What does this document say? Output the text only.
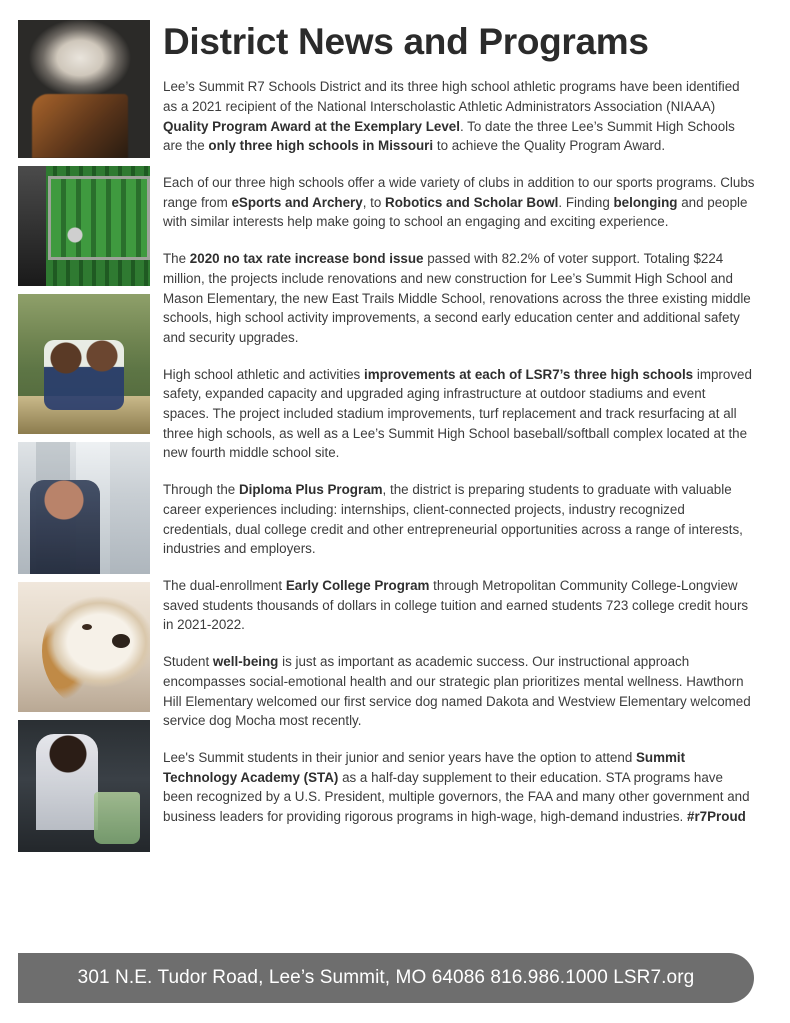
District News and Programs

Lee’s Summit R7 Schools District and its three high school athletic programs have been identified as a 2021 recipient of the National Interscholastic Athletic Administrators Association (NIAAA) Quality Program Award at the Exemplary Level. To date the three Lee’s Summit High Schools are the only three high schools in Missouri to achieve the Quality Program Award.

Each of our three high schools offer a wide variety of clubs in addition to our sports programs. Clubs range from eSports and Archery, to Robotics and Scholar Bowl. Finding belonging and people with similar interests help make going to school an engaging and exciting experience.

The 2020 no tax rate increase bond issue passed with 82.2% of voter support. Totaling $224 million, the projects include renovations and new construction for Lee’s Summit High School and Mason Elementary, the new East Trails Middle School, renovations across the three existing middle schools, high school activity improvements, a second early education center and additional safety and security upgrades.

High school athletic and activities improvements at each of LSR7’s three high schools improved safety, expanded capacity and upgraded aging infrastructure at outdoor stadiums and event spaces. The project included stadium improvements, turf replacement and track resurfacing at all three high schools, as well as a Lee’s Summit High School baseball/softball complex located at the new fourth middle school site.

Through the Diploma Plus Program, the district is preparing students to graduate with valuable career experiences including: internships, client-connected projects, industry recognized credentials, dual college credit and other entrepreneurial opportunities across a range of interests, industries and employers.

The dual-enrollment Early College Program through Metropolitan Community College-Longview saved students thousands of dollars in college tuition and earned students 723 college credit hours in 2021-2022.

Student well-being is just as important as academic success. Our instructional approach encompasses social-emotional health and our strategic plan prioritizes mental wellness. Hawthorn Hill Elementary welcomed our first service dog named Dakota and Westview Elementary welcomed service dog Mocha most recently.

Lee's Summit students in their junior and senior years have the option to attend Summit Technology Academy (STA) as a half-day supplement to their education. STA programs have been recognized by a U.S. President, multiple governors, the FAA and many other government and business leaders for providing rigorous programs in high-wage, high-demand industries. #r7Proud

301 N.E. Tudor Road, Lee’s Summit, MO 64086 816.986.1000 LSR7.org
